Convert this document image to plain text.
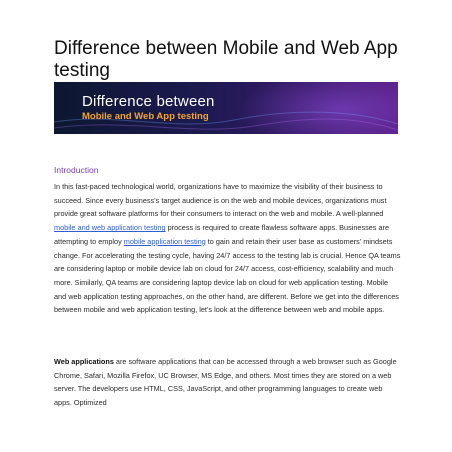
Difference between Mobile and Web App testing
Difference between
Mobile and Web App testing
Introduction
In this fast-paced technological world, organizations have to maximize the visibility of their business to succeed. Since every business’s target audience is on the web and mobile devices, organizations must provide great software platforms for their consumers to interact on the web and mobile. A well-planned mobile and web application testing process is required to create flawless software apps. Businesses are attempting to employ mobile application testing to gain and retain their user base as customers’ mindsets change. For accelerating the testing cycle, having 24/7 access to the testing lab is crucial. Hence QA teams are considering laptop or mobile device lab on cloud for 24/7 access, cost-efficiency, scalability and much more. Similarly, QA teams are considering laptop device lab on cloud for web application testing. Mobile and web application testing approaches, on the other hand, are different. Before we get into the differences between mobile and web application testing, let’s look at the difference between web and mobile apps.
Web applications are software applications that can be accessed through a web browser such as Google Chrome, Safari, Mozilla Firefox, UC Browser, MS Edge, and others. Most times they are stored on a web server. The developers use HTML, CSS, JavaScript, and other programming languages to create web apps. Optimized
